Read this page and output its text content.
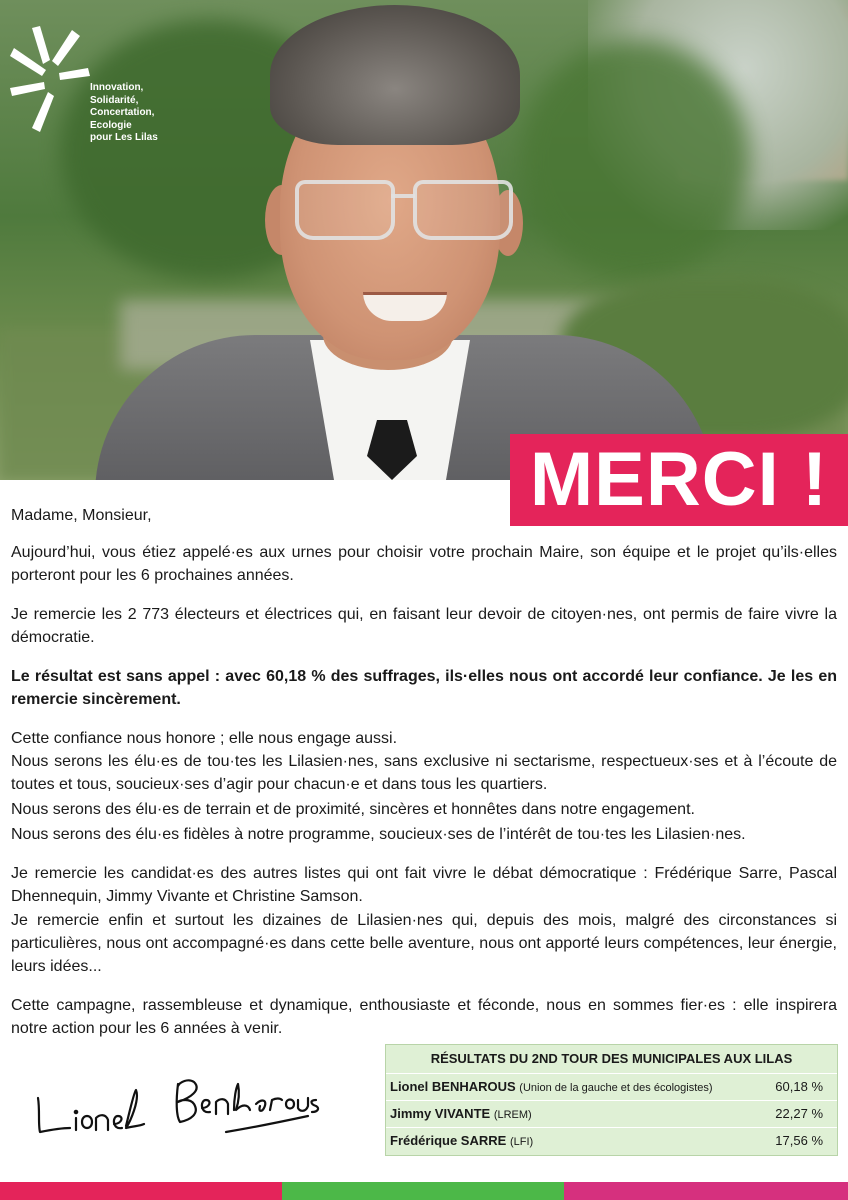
Innovation,
Solidarité,
Concertation,
Ecologie
pour Les Lilas
MERCI !
Madame, Monsieur,

Aujourd’hui, vous étiez appelé·es aux urnes pour choisir votre prochain Maire, son équipe et le projet qu’ils·elles porteront pour les 6 prochaines années.

Je remercie les 2 773 électeurs et électrices qui, en faisant leur devoir de citoyen·nes, ont permis de faire vivre la démocratie.

Le résultat est sans appel : avec 60,18 % des suffrages, ils·elles nous ont accordé leur confiance. Je les en remercie sincèrement.

Cette confiance nous honore ; elle nous engage aussi.

Nous serons les élu·es de tou·tes les Lilasien·nes, sans exclusive ni sectarisme, respectueux·ses et à l’écoute de toutes et tous, soucieux·ses d’agir pour chacun·e et dans tous les quartiers.

Nous serons des élu·es de terrain et de proximité, sincères et honnêtes dans notre engagement.

Nous serons des élu·es fidèles à notre programme, soucieux·ses de l’intérêt de tou·tes les Lilasien·nes.

Je remercie les candidat·es des autres listes qui ont fait vivre le débat démocratique : Frédérique Sarre, Pascal Dhennequin, Jimmy Vivante et Christine Samson.

Je remercie enfin et surtout les dizaines de Lilasien·nes qui, depuis des mois, malgré des circonstances si particulières, nous ont accompagné·es dans cette belle aventure, nous ont apporté leurs compétences, leur énergie, leurs idées...

Cette campagne, rassembleuse et dynamique, enthousiaste et féconde, nous en sommes fier·es : elle inspirera notre action pour les 6 années à venir.

RÉSULTATS DU 2ND TOUR DES MUNICIPALES AUX LILAS
Lionel BENHAROUS (Union de la gauche et des écologistes)	60,18 %
Jimmy VIVANTE (LREM)	22,27 %
Frédérique SARRE (LFI)	17,56 %
